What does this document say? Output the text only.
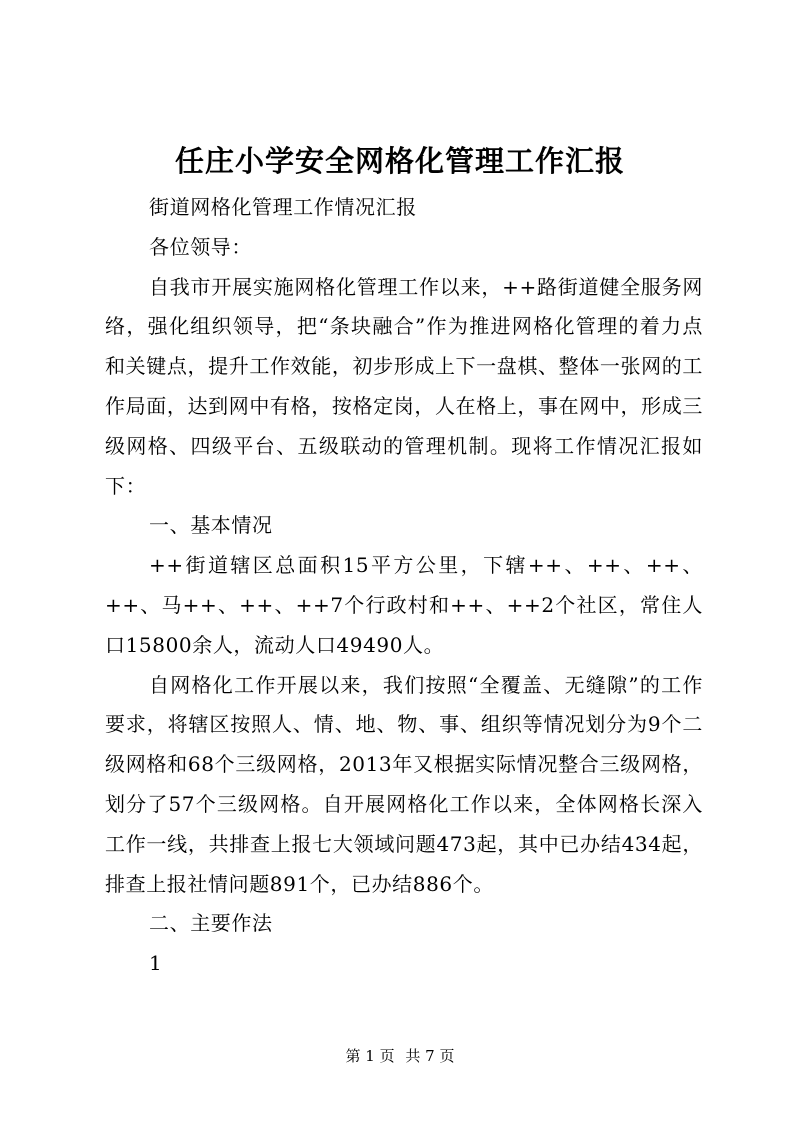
任庄小学安全网格化管理工作汇报

街道网格化管理工作情况汇报

各位领导：

自我市开展实施网格化管理工作以来，++路街道健全服务网络，强化组织领导，把“条块融合”作为推进网格化管理的着力点和关键点，提升工作效能，初步形成上下一盘棋、整体一张网的工作局面，达到网中有格，按格定岗，人在格上，事在网中，形成三级网格、四级平台、五级联动的管理机制。现将工作情况汇报如下：

一、基本情况

++街道辖区总面积15平方公里，下辖++、++、++、++、马++、++、++7个行政村和++、++2个社区，常住人口15800余人，流动人口49490人。

自网格化工作开展以来，我们按照“全覆盖、无缝隙”的工作要求，将辖区按照人、情、地、物、事、组织等情况划分为9个二级网格和68个三级网格，2013年又根据实际情况整合三级网格，划分了57个三级网格。自开展网格化工作以来，全体网格长深入工作一线，共排查上报七大领域问题473起，其中已办结434起，排查上报社情问题891个，已办结886个。

二、主要作法

1

第 1 页 共 7 页
